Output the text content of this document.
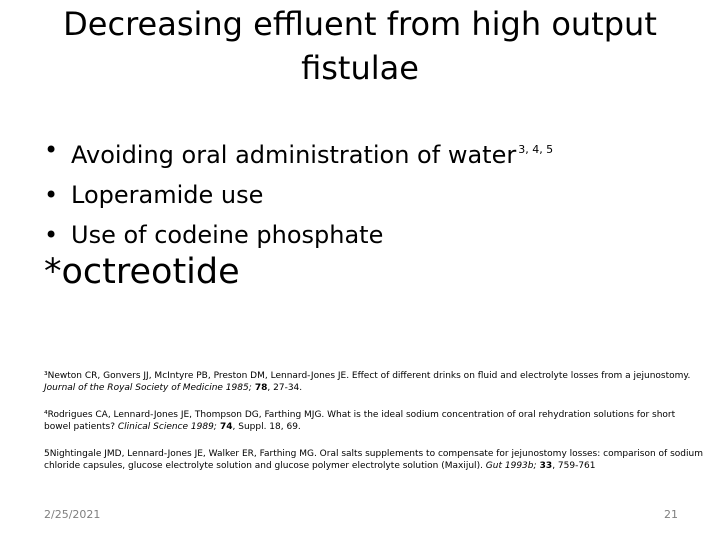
Decreasing effluent from high output fistulae
• Avoiding oral administration of water $^{3, 4, 5}$
• Loperamide use
• Use of codeine phosphate
*octreotide
³Newton CR, Gonvers JJ, McIntyre PB, Preston DM, Lennard-Jones JE. Effect of different drinks on fluid and electrolyte losses from a jejunostomy. Journal of the Royal Society of Medicine 1985; 78, 27-34.
⁴Rodrigues CA, Lennard-Jones JE, Thompson DG, Farthing MJG. What is the ideal sodium concentration of oral rehydration solutions for short bowel patients? Clinical Science 1989; 74, Suppl. 18, 69.
5Nightingale JMD, Lennard-Jones JE, Walker ER, Farthing MG. Oral salts supplements to compensate for jejunostomy losses: comparison of sodium chloride capsules, glucose electrolyte solution and glucose polymer electrolyte solution (Maxijul). Gut 1993b; 33, 759-761
2/25/2021	21
